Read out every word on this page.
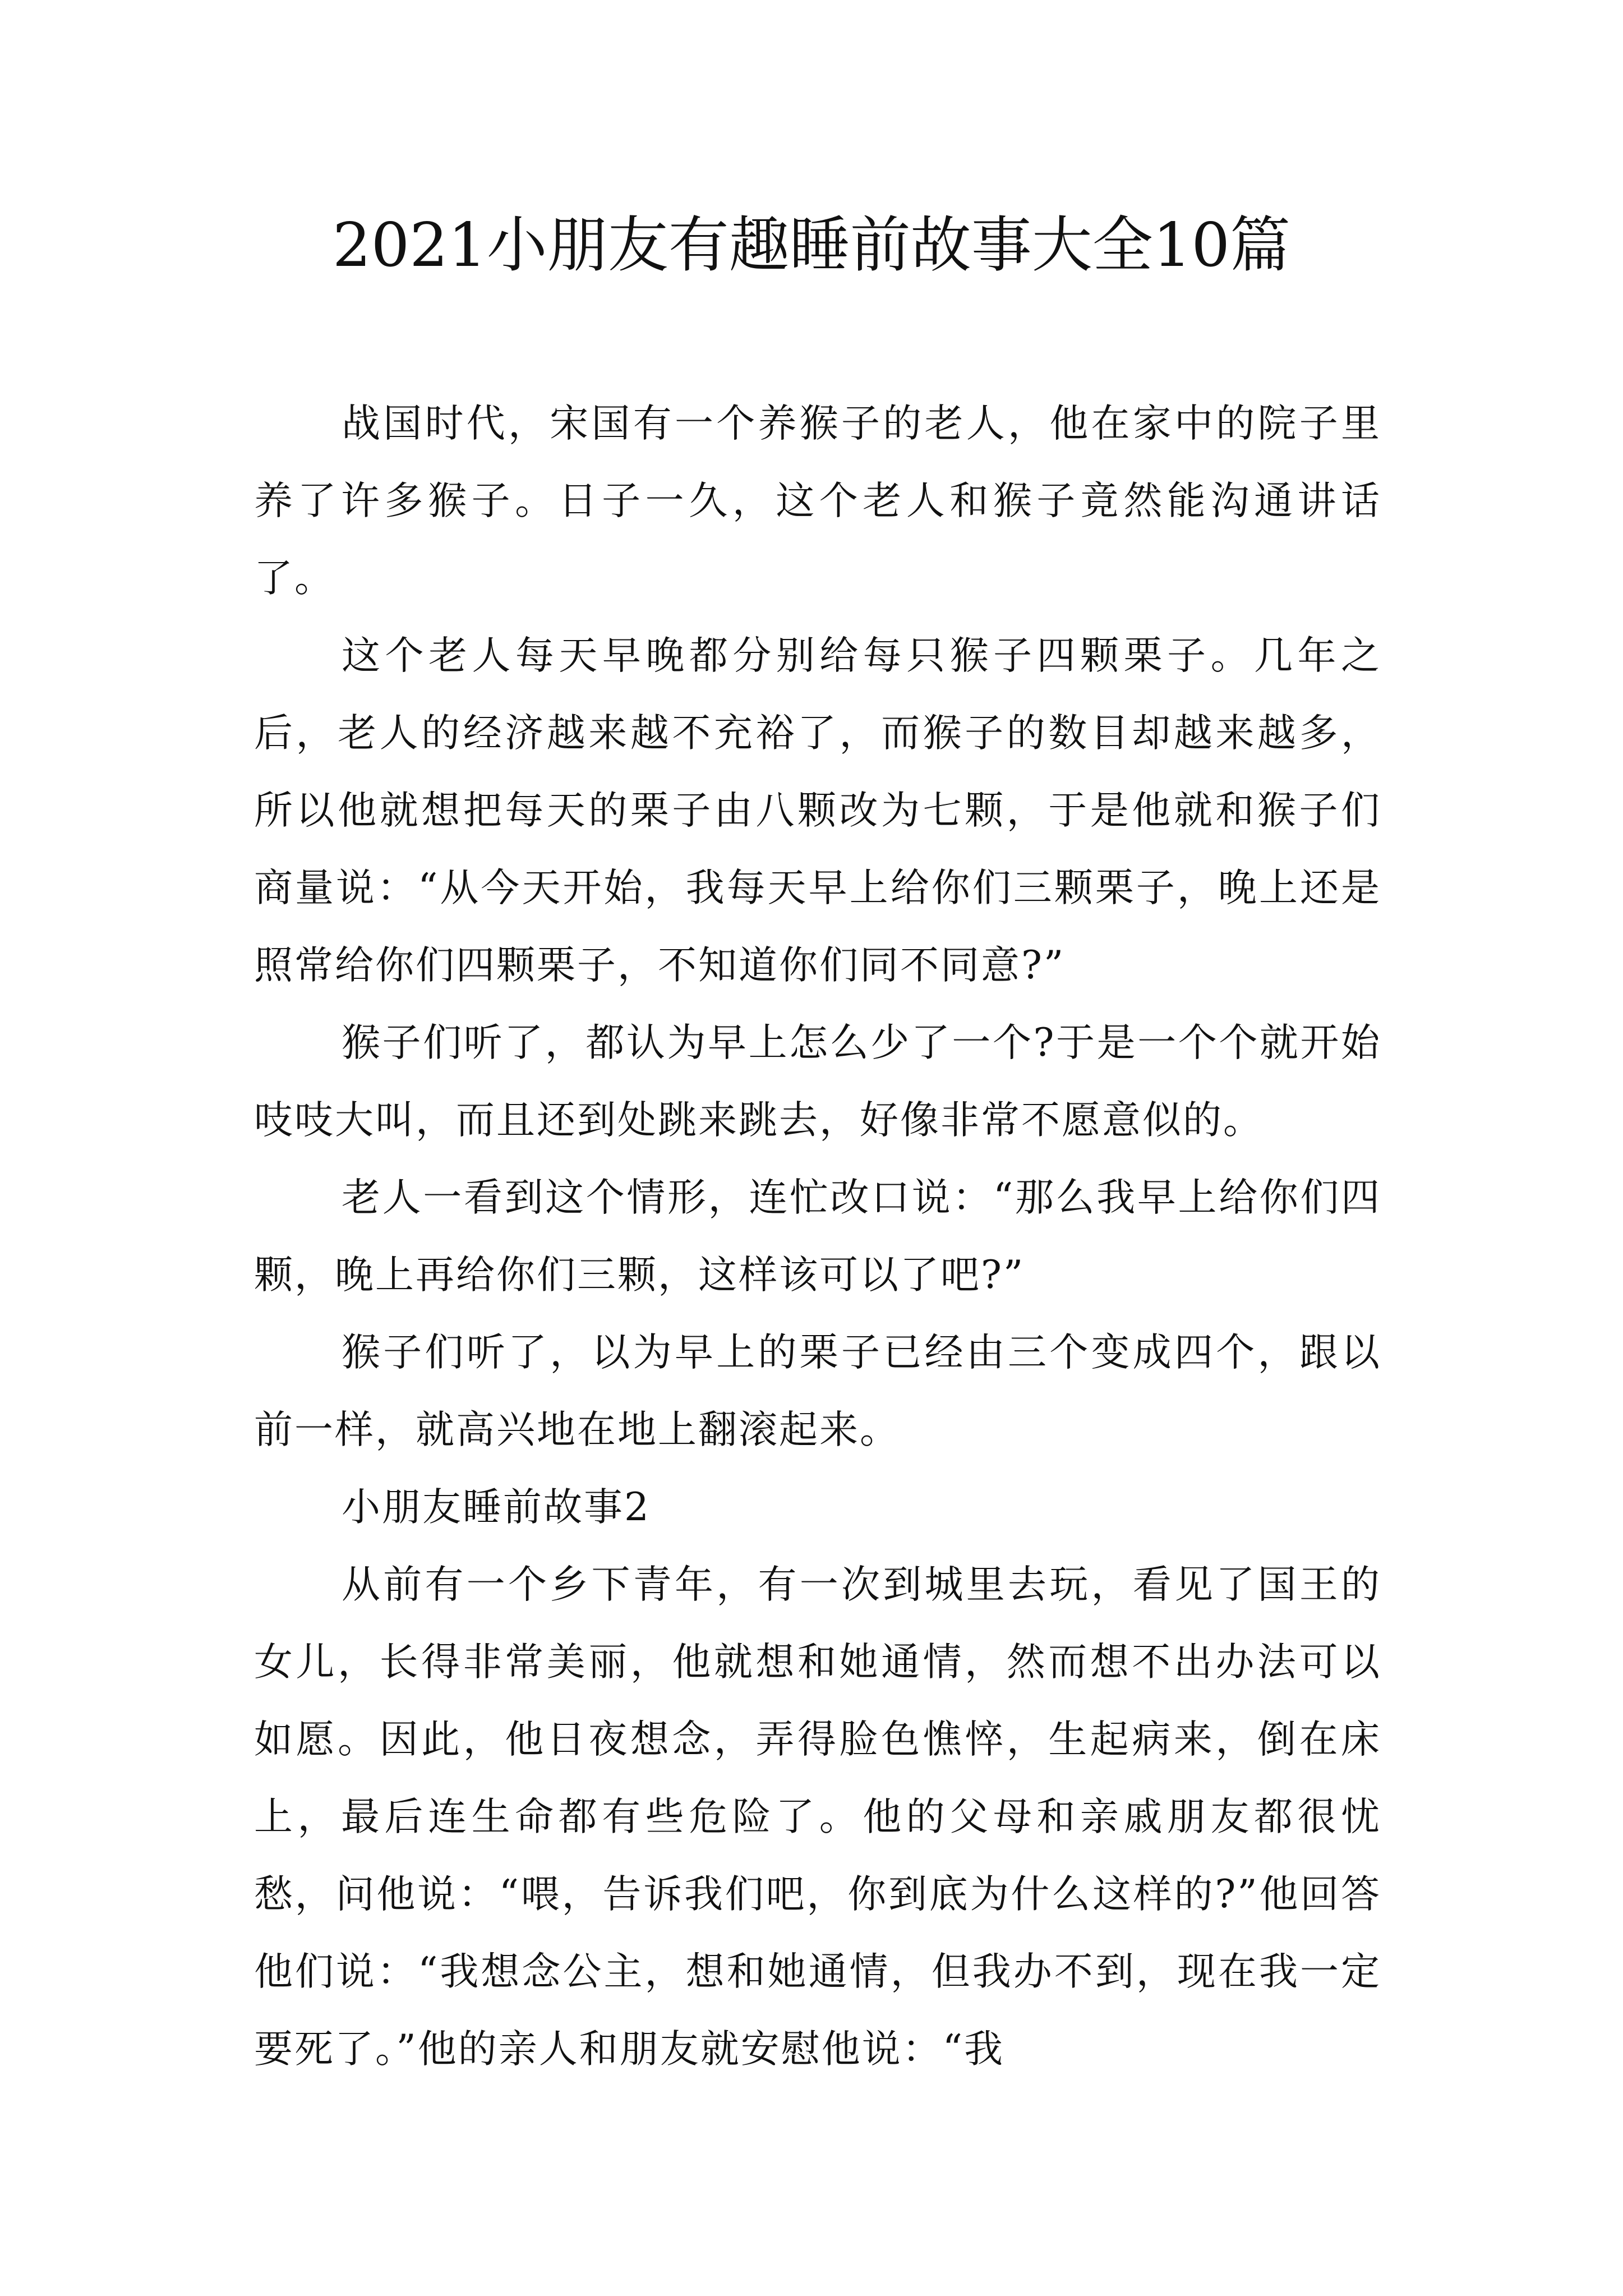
2021小朋友有趣睡前故事大全10篇

战国时代，宋国有一个养猴子的老人，他在家中的院子里养了许多猴子。日子一久，这个老人和猴子竟然能沟通讲话了。

这个老人每天早晚都分别给每只猴子四颗栗子。几年之后，老人的经济越来越不充裕了，而猴子的数目却越来越多，所以他就想把每天的栗子由八颗改为七颗，于是他就和猴子们商量说：“从今天开始，我每天早上给你们三颗栗子，晚上还是照常给你们四颗栗子，不知道你们同不同意?”

猴子们听了，都认为早上怎么少了一个?于是一个个就开始吱吱大叫，而且还到处跳来跳去，好像非常不愿意似的。

老人一看到这个情形，连忙改口说：“那么我早上给你们四颗，晚上再给你们三颗，这样该可以了吧?”

猴子们听了，以为早上的栗子已经由三个变成四个，跟以前一样，就高兴地在地上翻滚起来。

小朋友睡前故事2

从前有一个乡下青年，有一次到城里去玩，看见了国王的女儿，长得非常美丽，他就想和她通情，然而想不出办法可以如愿。因此，他日夜想念，弄得脸色憔悴，生起病来，倒在床上，最后连生命都有些危险了。他的父母和亲戚朋友都很忧愁，问他说：“喂，告诉我们吧，你到底为什么这样的?”他回答他们说：“我想念公主，想和她通情，但我办不到，现在我一定要死了。”他的亲人和朋友就安慰他说：“我
